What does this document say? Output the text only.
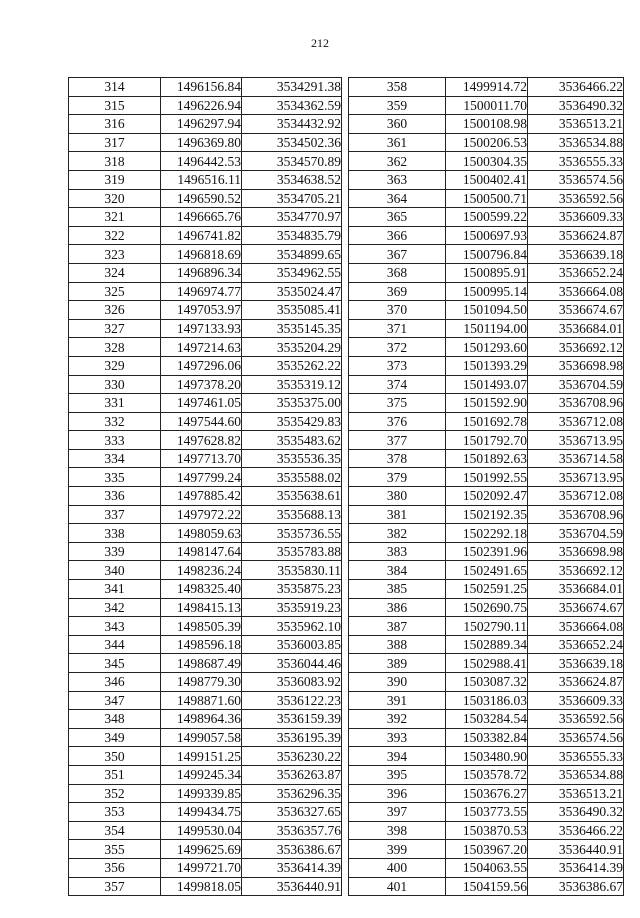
212
314	1496156.84	3534291.38
315	1496226.94	3534362.59
316	1496297.94	3534432.92
317	1496369.80	3534502.36
318	1496442.53	3534570.89
319	1496516.11	3534638.52
320	1496590.52	3534705.21
321	1496665.76	3534770.97
322	1496741.82	3534835.79
323	1496818.69	3534899.65
324	1496896.34	3534962.55
325	1496974.77	3535024.47
326	1497053.97	3535085.41
327	1497133.93	3535145.35
328	1497214.63	3535204.29
329	1497296.06	3535262.22
330	1497378.20	3535319.12
331	1497461.05	3535375.00
332	1497544.60	3535429.83
333	1497628.82	3535483.62
334	1497713.70	3535536.35
335	1497799.24	3535588.02
336	1497885.42	3535638.61
337	1497972.22	3535688.13
338	1498059.63	3535736.55
339	1498147.64	3535783.88
340	1498236.24	3535830.11
341	1498325.40	3535875.23
342	1498415.13	3535919.23
343	1498505.39	3535962.10
344	1498596.18	3536003.85
345	1498687.49	3536044.46
346	1498779.30	3536083.92
347	1498871.60	3536122.23
348	1498964.36	3536159.39
349	1499057.58	3536195.39
350	1499151.25	3536230.22
351	1499245.34	3536263.87
352	1499339.85	3536296.35
353	1499434.75	3536327.65
354	1499530.04	3536357.76
355	1499625.69	3536386.67
356	1499721.70	3536414.39
357	1499818.05	3536440.91
358	1499914.72	3536466.22
359	1500011.70	3536490.32
360	1500108.98	3536513.21
361	1500206.53	3536534.88
362	1500304.35	3536555.33
363	1500402.41	3536574.56
364	1500500.71	3536592.56
365	1500599.22	3536609.33
366	1500697.93	3536624.87
367	1500796.84	3536639.18
368	1500895.91	3536652.24
369	1500995.14	3536664.08
370	1501094.50	3536674.67
371	1501194.00	3536684.01
372	1501293.60	3536692.12
373	1501393.29	3536698.98
374	1501493.07	3536704.59
375	1501592.90	3536708.96
376	1501692.78	3536712.08
377	1501792.70	3536713.95
378	1501892.63	3536714.58
379	1501992.55	3536713.95
380	1502092.47	3536712.08
381	1502192.35	3536708.96
382	1502292.18	3536704.59
383	1502391.96	3536698.98
384	1502491.65	3536692.12
385	1502591.25	3536684.01
386	1502690.75	3536674.67
387	1502790.11	3536664.08
388	1502889.34	3536652.24
389	1502988.41	3536639.18
390	1503087.32	3536624.87
391	1503186.03	3536609.33
392	1503284.54	3536592.56
393	1503382.84	3536574.56
394	1503480.90	3536555.33
395	1503578.72	3536534.88
396	1503676.27	3536513.21
397	1503773.55	3536490.32
398	1503870.53	3536466.22
399	1503967.20	3536440.91
400	1504063.55	3536414.39
401	1504159.56	3536386.67
